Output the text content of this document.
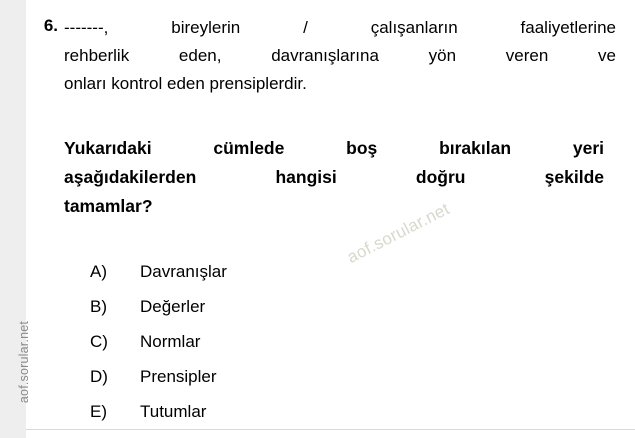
aof.sorular.net
6. -------, bireylerin / çalışanların faaliyetlerine
rehberlik eden, davranışlarına yön veren ve
onları kontrol eden prensiplerdir.
Yukarıdaki cümlede boş bırakılan yeri
aşağıdakilerden hangisi doğru şekilde
tamamlar?
A)	Davranışlar
B)	Değerler
C)	Normlar
D)	Prensipler
E)	Tutumlar
aof.sorular.net
